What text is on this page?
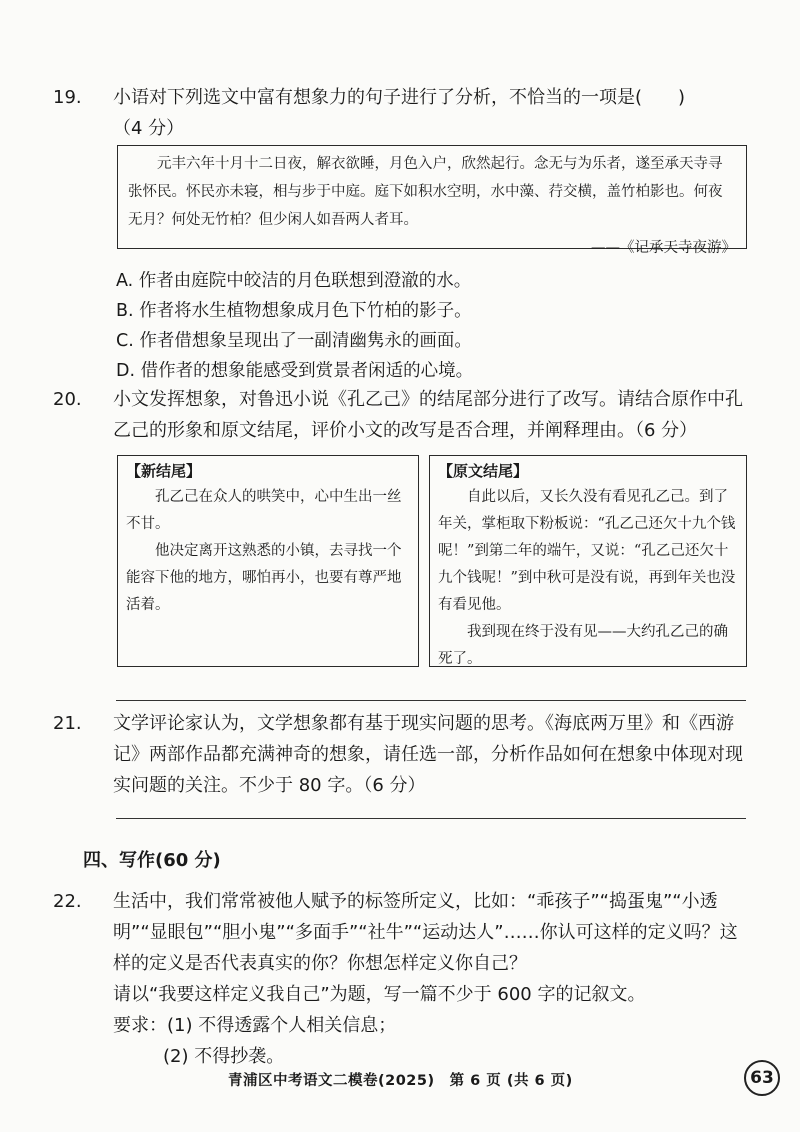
19. 小语对下列选文中富有想象力的句子进行了分析，不恰当的一项是(　　)
（4 分）

元丰六年十月十二日夜，解衣欲睡，月色入户，欣然起行。念无与为乐者，遂至承天寺寻张怀民。怀民亦未寝，相与步于中庭。庭下如积水空明，水中藻、荇交横，盖竹柏影也。何夜无月？何处无竹柏？但少闲人如吾两人者耳。

——《记承天寺夜游》

A. 作者由庭院中皎洁的月色联想到澄澈的水。
B. 作者将水生植物想象成月色下竹柏的影子。
C. 作者借想象呈现出了一副清幽隽永的画面。
D. 借作者的想象能感受到赏景者闲适的心境。
20. 小文发挥想象，对鲁迅小说《孔乙己》的结尾部分进行了改写。请结合原作中孔乙己的形象和原文结尾，评价小文的改写是否合理，并阐释理由。（6 分）
【新结尾】

孔乙己在众人的哄笑中，心中生出一丝不甘。

他决定离开这熟悉的小镇，去寻找一个能容下他的地方，哪怕再小，也要有尊严地活着。

【原文结尾】

自此以后，又长久没有看见孔乙己。到了年关，掌柜取下粉板说：“孔乙己还欠十九个钱呢！”到第二年的端午，又说：“孔乙己还欠十九个钱呢！”到中秋可是没有说，再到年关也没有看见他。

我到现在终于没有见——大约孔乙己的确死了。

21. 文学评论家认为，文学想象都有基于现实问题的思考。《海底两万里》和《西游记》两部作品都充满神奇的想象，请任选一部，分析作品如何在想象中体现对现实问题的关注。不少于 80 字。（6 分）
四、写作(60 分)
22. 生活中，我们常常被他人赋予的标签所定义，比如：“乖孩子”“捣蛋鬼”“小透明”“显眼包”“胆小鬼”“多面手”“社牛”“运动达人”……你认可这样的定义吗？这样的定义是否代表真实的你？你想怎样定义你自己？
请以“我要这样定义我自己”为题，写一篇不少于 600 字的记叙文。
要求：(1) 不得透露个人相关信息；
(2) 不得抄袭。
青浦区中考语文二模卷(2025)　第 6 页 (共 6 页)	63
